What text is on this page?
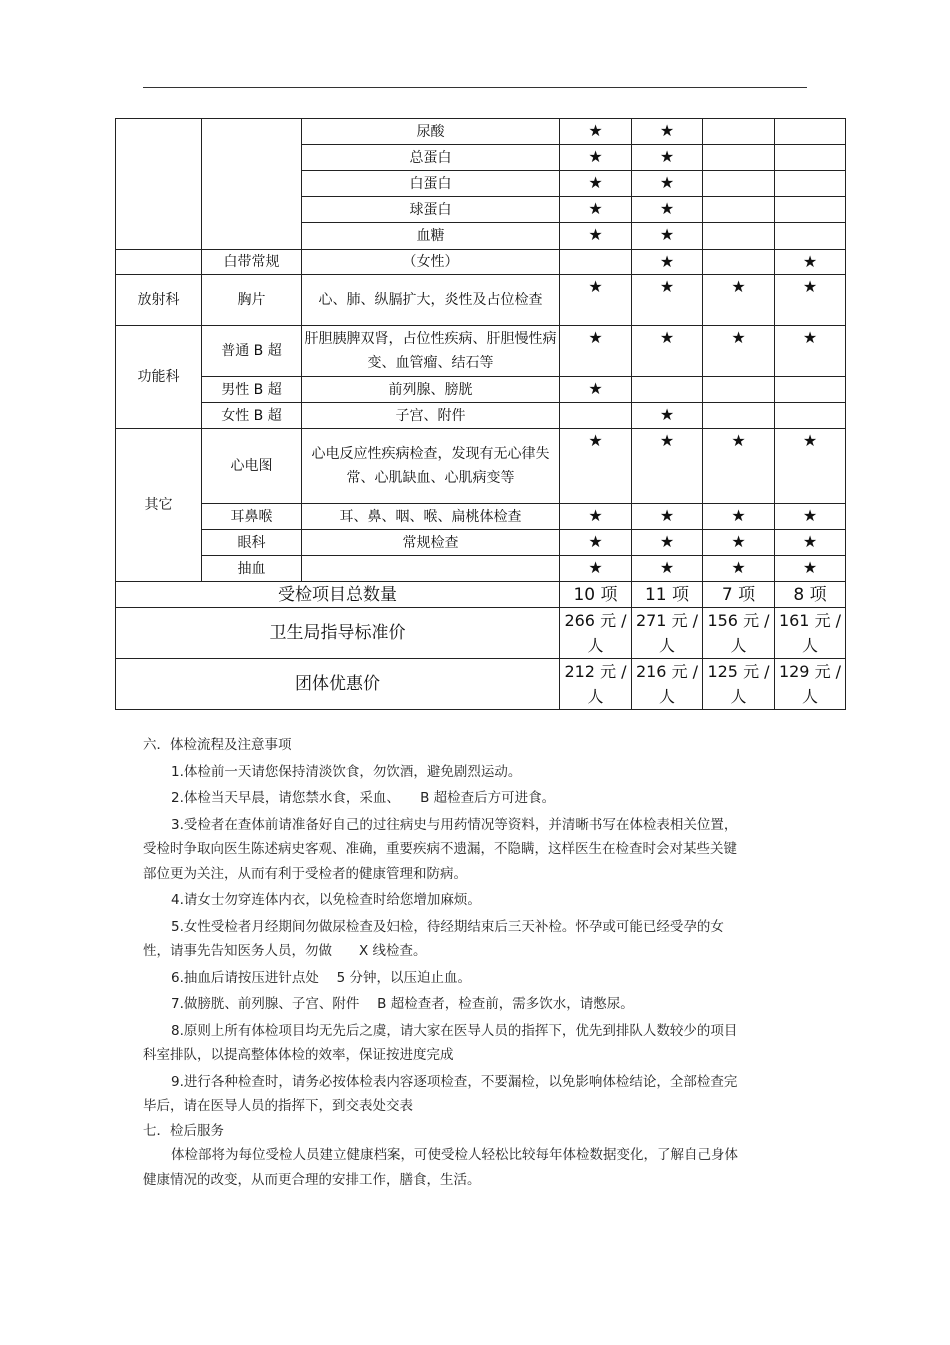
		尿酸	★	★		
		总蛋白	★	★		
		白蛋白	★	★		
		球蛋白	★	★		
		血糖	★	★		
	白带常规	（女性）		★		★
放射科	胸片	心、肺、纵膈扩大，炎性及占位检查	★	★	★	★
功能科	普通 B 超	肝胆胰脾双肾，占位性疾病、肝胆慢性病变、血管瘤、结石等	★	★	★	★
	男性 B 超	前列腺、膀胱	★			
	女性 B 超	子宫、附件		★		
其它	心电图	心电反应性疾病检查，发现有无心律失常、心肌缺血、心肌病变等	★	★	★	★
	耳鼻喉	耳、鼻、咽、喉、扁桃体检查	★	★	★	★
	眼科	常规检查	★	★	★	★
	抽血		★	★	★	★
受检项目总数量			10 项	11 项	7 项	8 项
卫生局指导标准价			266 元 /人	271 元 /人	156 元 /人	161 元 /人
团体优惠价			212 元 /人	216 元 /人	125 元 /人	129 元 /人

六．体检流程及注意事项

1.体检前一天请您保持清淡饮食，勿饮酒，避免剧烈运动。

2.体检当天早晨，请您禁水食，采血、　　B 超检查后方可进食。

3.受检者在查体前请准备好自己的过往病史与用药情况等资料，并清晰书写在体检表相关位置，受检时争取向医生陈述病史客观、准确，重要疾病不遗漏，不隐瞒，这样医生在检查时会对某些关键部位更为关注，从而有利于受检者的健康管理和防病。

4.请女士勿穿连体内衣，以免检查时给您增加麻烦。

5.女性受检者月经期间勿做尿检查及妇检，待经期结束后三天补检。怀孕或可能已经受孕的女性，请事先告知医务人员，勿做　　X 线检查。

6.抽血后请按压进针点处　 5 分钟，以压迫止血。

7.做膀胱、前列腺、子宫、附件　 B 超检查者，检查前，需多饮水，请憋尿。

8.原则上所有体检项目均无先后之虞，请大家在医导人员的指挥下，优先到排队人数较少的项目科室排队，以提高整体体检的效率，保证按进度完成

9.进行各种检查时，请务必按体检表内容逐项检查，不要漏检，以免影响体检结论，全部检查完毕后，请在医导人员的指挥下，到交表处交表

七．检后服务

体检部将为每位受检人员建立健康档案，可使受检人轻松比较每年体检数据变化，了解自己身体健康情况的改变，从而更合理的安排工作，膳食，生活。
